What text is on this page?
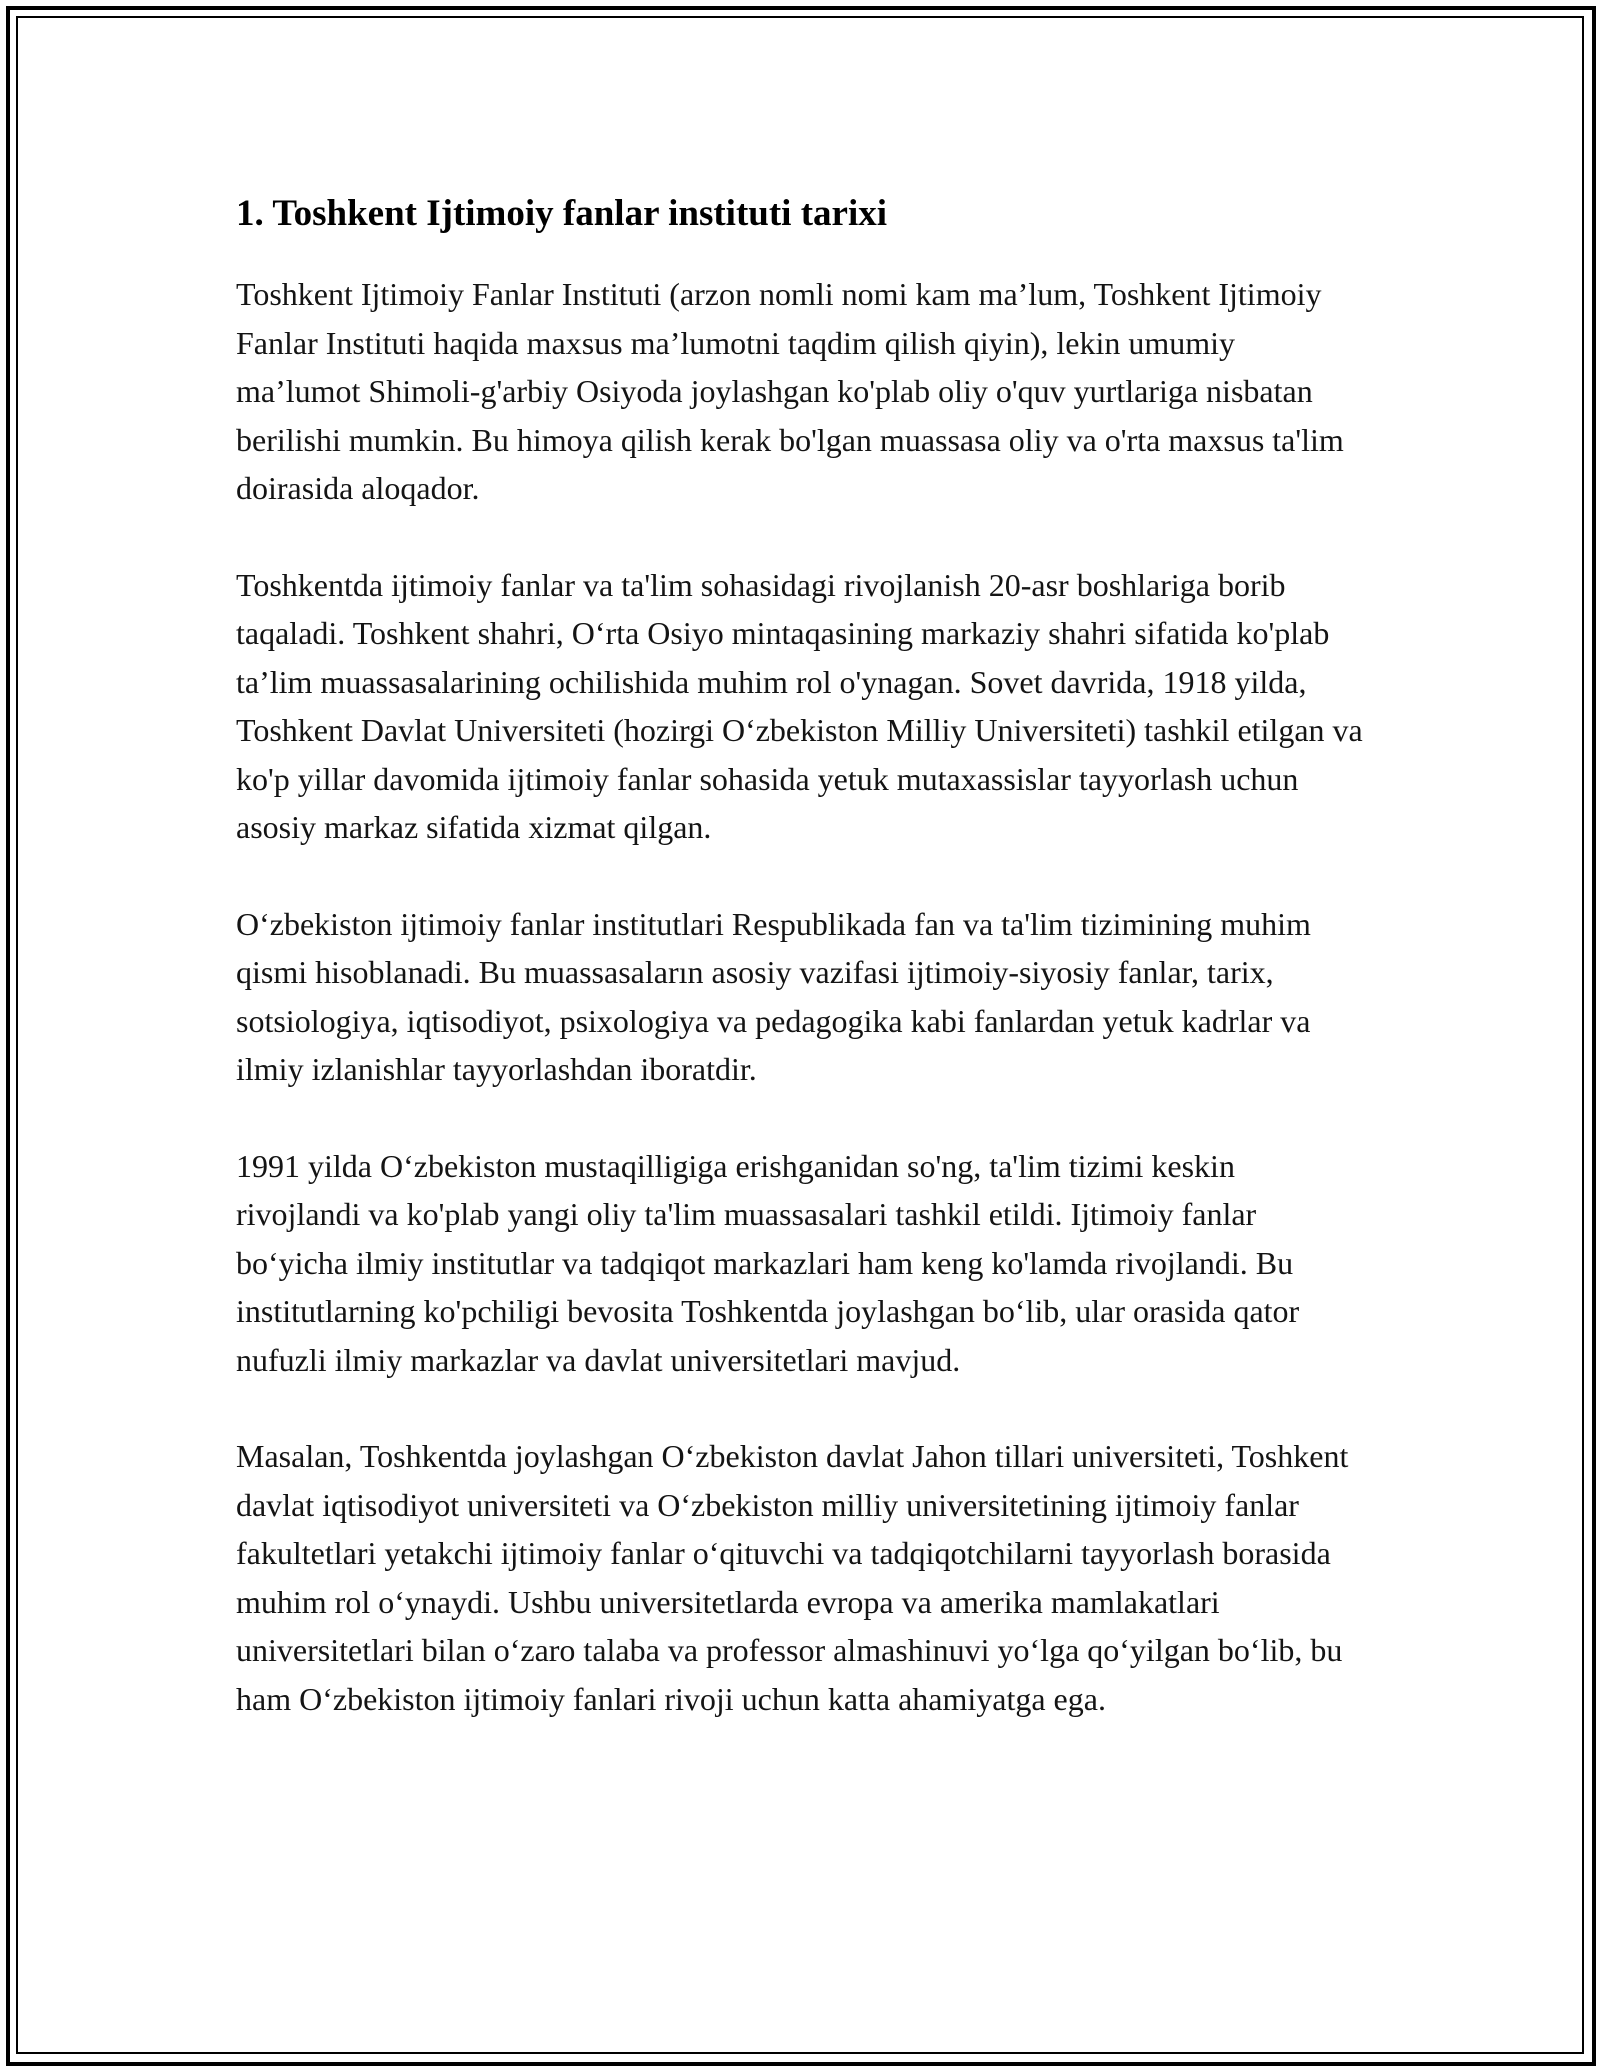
1. Toshkent Ijtimoiy fanlar instituti tarixi

Toshkent Ijtimoiy Fanlar Instituti (arzon nomli nomi kam ma’lum, Toshkent Ijtimoiy Fanlar Instituti haqida maxsus ma’lumotni taqdim qilish qiyin), lekin umumiy ma’lumot Shimoli-g'arbiy Osiyoda joylashgan ko'plab oliy o'quv yurtlariga nisbatan berilishi mumkin. Bu himoya qilish kerak bo'lgan muassasa oliy va o'rta maxsus ta'lim doirasida aloqador.

Toshkentda ijtimoiy fanlar va ta'lim sohasidagi rivojlanish 20-asr boshlariga borib taqaladi. Toshkent shahri, O‘rta Osiyo mintaqasining markaziy shahri sifatida ko'plab ta’lim muassasalarining ochilishida muhim rol o'ynagan. Sovet davrida, 1918 yilda, Toshkent Davlat Universiteti (hozirgi O‘zbekiston Milliy Universiteti) tashkil etilgan va ko'p yillar davomida ijtimoiy fanlar sohasida yetuk mutaxassislar tayyorlash uchun asosiy markaz sifatida xizmat qilgan.

O‘zbekiston ijtimoiy fanlar institutlari Respublikada fan va ta'lim tizimining muhim qismi hisoblanadi. Bu muassasaların asosiy vazifasi ijtimoiy-siyosiy fanlar, tarix, sotsiologiya, iqtisodiyot, psixologiya va pedagogika kabi fanlardan yetuk kadrlar va ilmiy izlanishlar tayyorlashdan iboratdir.

1991 yilda O‘zbekiston mustaqilligiga erishganidan so'ng, ta'lim tizimi keskin rivojlandi va ko'plab yangi oliy ta'lim muassasalari tashkil etildi. Ijtimoiy fanlar bo‘yicha ilmiy institutlar va tadqiqot markazlari ham keng ko'lamda rivojlandi. Bu institutlarning ko'pchiligi bevosita Toshkentda joylashgan bo‘lib, ular orasida qator nufuzli ilmiy markazlar va davlat universitetlari mavjud.

Masalan, Toshkentda joylashgan O‘zbekiston davlat Jahon tillari universiteti, Toshkent davlat iqtisodiyot universiteti va O‘zbekiston milliy universitetining ijtimoiy fanlar fakultetlari yetakchi ijtimoiy fanlar o‘qituvchi va tadqiqotchilarni tayyorlash borasida muhim rol o‘ynaydi. Ushbu universitetlarda evropa va amerika mamlakatlari universitetlari bilan o‘zaro talaba va professor almashinuvi yo‘lga qo‘yilgan bo‘lib, bu ham O‘zbekiston ijtimoiy fanlari rivoji uchun katta ahamiyatga ega.
